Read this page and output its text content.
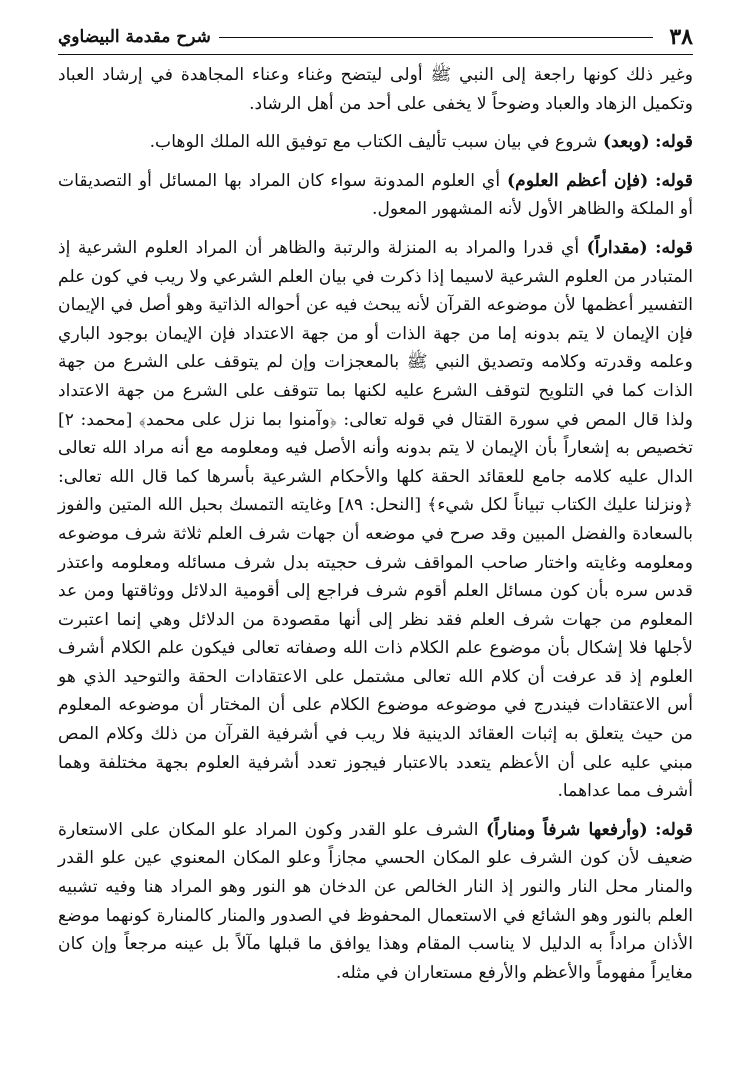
٣٨
شرح مقدمة البيضاوي

وغير ذلك كونها راجعة إلى النبي ﷺ أولى ليتضح وغناء وعناء المجاهدة في إرشاد العباد وتكميل الزهاد والعباد وضوحاً لا يخفى على أحد من أهل الرشاد.

قوله: (وبعد) شروع في بيان سبب تأليف الكتاب مع توفيق الله الملك الوهاب.

قوله: (فإن أعظم العلوم) أي العلوم المدونة سواء كان المراد بها المسائل أو التصديقات أو الملكة والظاهر الأول لأنه المشهور المعول.

قوله: (مقداراً) أي قدرا والمراد به المنزلة والرتبة والظاهر أن المراد العلوم الشرعية إذ المتبادر من العلوم الشرعية لاسيما إذا ذكرت في بيان العلم الشرعي ولا ريب في كون علم التفسير أعظمها لأن موضوعه القرآن لأنه يبحث فيه عن أحواله الذاتية وهو أصل في الإيمان فإن الإيمان لا يتم بدونه إما من جهة الذات أو من جهة الاعتداد فإن الإيمان بوجود الباري وعلمه وقدرته وكلامه وتصديق النبي ﷺ بالمعجزات وإن لم يتوقف على الشرع من جهة الذات كما في التلويح لتوقف الشرع عليه لكنها بما تتوقف على الشرع من جهة الاعتداد ولذا قال المص في سورة القتال في قوله تعالى: ﴿وآمنوا بما نزل على محمد﴾ [محمد: ٢] تخصيص به إشعاراً بأن الإيمان لا يتم بدونه وأنه الأصل فيه ومعلومه مع أنه مراد الله تعالى الدال عليه كلامه جامع للعقائد الحقة كلها والأحكام الشرعية بأسرها كما قال الله تعالى: ﴿ونزلنا عليك الكتاب تبياناً لكل شيء﴾ [النحل: ٨٩] وغايته التمسك بحبل الله المتين والفوز بالسعادة والفضل المبين وقد صرح في موضعه أن جهات شرف العلم ثلاثة شرف موضوعه ومعلومه وغايته واختار صاحب المواقف شرف حجيته بدل شرف مسائله ومعلومه واعتذر قدس سره بأن كون مسائل العلم أقوم شرف فراجع إلى أقومية الدلائل ووثاقتها ومن عد المعلوم من جهات شرف العلم فقد نظر إلى أنها مقصودة من الدلائل وهي إنما اعتبرت لأجلها فلا إشكال بأن موضوع علم الكلام ذات الله وصفاته تعالى فيكون علم الكلام أشرف العلوم إذ قد عرفت أن كلام الله تعالى مشتمل على الاعتقادات الحقة والتوحيد الذي هو أس الاعتقادات فيندرج في موضوعه موضوع الكلام على أن المختار أن موضوعه المعلوم من حيث يتعلق به إثبات العقائد الدينية فلا ريب في أشرفية القرآن من ذلك وكلام المص مبني عليه على أن الأعظم يتعدد بالاعتبار فيجوز تعدد أشرفية العلوم بجهة مختلفة وهما أشرف مما عداهما.

قوله: (وأرفعها شرفاً ومناراً) الشرف علو القدر وكون المراد علو المكان على الاستعارة ضعيف لأن كون الشرف علو المكان الحسي مجازاً وعلو المكان المعنوي عين علو القدر والمنار محل النار والنور إذ النار الخالص عن الدخان هو النور وهو المراد هنا وفيه تشبيه العلم بالنور وهو الشائع في الاستعمال المحفوظ في الصدور والمنار كالمنارة كونهما موضع الأذان مراداً به الدليل لا يناسب المقام وهذا يوافق ما قبلها مآلاً بل عينه مرجعاً وإن كان مغايراً مفهوماً والأعظم والأرفع مستعاران في مثله.
